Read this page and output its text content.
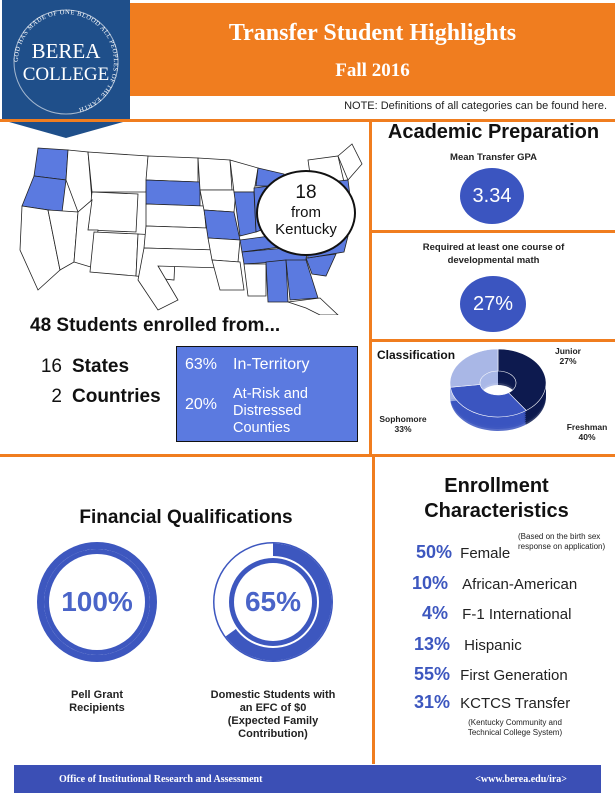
GOD HAS MADE OF ONE BLOOD ALL PEOPLES OF THE EARTH
BEREA
COLLEGE
Transfer Student Highlights
Fall 2016
NOTE: Definitions of all categories can be found here.
18
from
Kentucky
48 Students enrolled from...
16 States
2 Countries
63% In-Territory
20%At-Risk and
Distressed
Counties
Academic Preparation
Mean Transfer GPA
3.34
Required at least one course of
developmental math
27%
Classification	Junior
27%
Sophomore
33%	Freshman
40%
Financial Qualifications
100%
Pell Grant
Recipients
65%
Domestic Students with
an EFC of $0
(Expected Family
Contribution)
Enrollment
Characteristics
(Based on the birth sex response on application)
50% Female
10% African-American
4% F-1 International
13% Hispanic
55% First Generation
31% KCTCS Transfer
(Kentucky Community and
Technical College System)
Office of Institutional Research and Assessment	<www.berea.edu/ira>
